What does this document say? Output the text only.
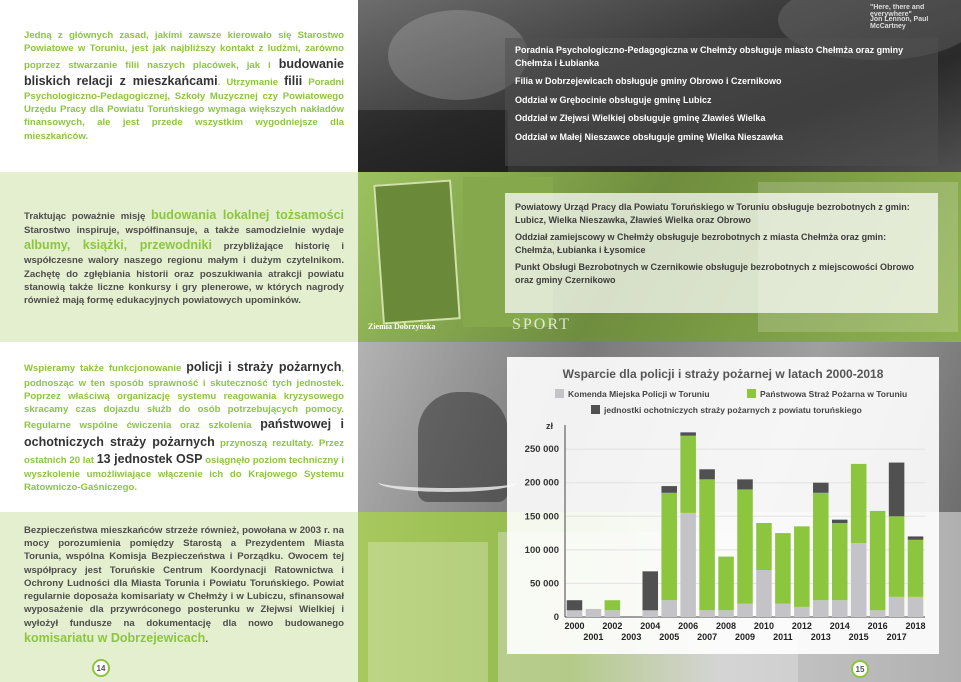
Jedną z głównych zasad, jakimi zawsze kierowało się Starostwo Powiatowe w Toruniu, jest jak najbliższy kontakt z ludźmi, zarówno poprzez stwarzanie filii naszych placówek, jak i budowanie bliskich relacji z mieszkańcami. Utrzymanie filii Poradni Psychologiczno-Pedagogicznej, Szkoły Muzycznej czy Powiatowego Urzędu Pracy dla Powiatu Toruńskiego wymaga większych nakładów finansowych, ale jest przede wszystkim wygodniejsze dla mieszkańców.

Traktując poważnie misję budowania lokalnej tożsamości Starostwo inspiruje, współfinansuje, a także samodzielnie wydaje albumy, książki, przewodniki przybliżające historię i współczesne walory naszego regionu małym i dużym czytelnikom. Zachętę do zgłębiania historii oraz poszukiwania atrakcji powiatu stanowią także liczne konkursy i gry plenerowe, w których nagrody również mają formę edukacyjnych powiatowych upominków.

Wspieramy także funkcjonowanie policji i straży pożarnych, podnosząc w ten sposób sprawność i skuteczność tych jednostek. Poprzez właściwą organizację systemu reagowania kryzysowego skracamy czas dojazdu służb do osób potrzebujących pomocy. Regularne wspólne ćwiczenia oraz szkolenia państwowej i ochotniczych straży pożarnych przynoszą rezultaty. Przez ostatnich 20 lat 13 jednostek OSP osiągnęło poziom techniczny i wyszkolenie umożliwiające włączenie ich do Krajowego Systemu Ratowniczo-Gaśniczego.

Bezpieczeństwa mieszkańców strzeże również, powołana w 2003 r. na mocy porozumienia pomiędzy Starostą a Prezydentem Miasta Torunia, wspólna Komisja Bezpieczeństwa i Porządku. Owocem tej współpracy jest Toruńskie Centrum Koordynacji Ratownictwa i Ochrony Ludności dla Miasta Torunia i Powiatu Toruńskiego. Powiat regularnie doposaża komisariaty w Chełmży i w Lubiczu, sfinansował wyposażenie dla przywróconego posterunku w Złejwsi Wielkiej i wyłożył fundusze na dokumentację dla nowo budowanego komisariatu w Dobrzejewicach.

"Here, there and everywhere"
Jon Lennon, Paul McCartney
Ziemia Dobrzyńska	SPORT
Poradnia Psychologiczno-Pedagogiczna w Chełmży obsługuje miasto Chełmża oraz gminy Chełmża i Łubianka
Filia w Dobrzejewicach obsługuje gminy Obrowo i Czernikowo
Oddział w Grębocinie obsługuje gminę Lubicz
Oddział w Złejwsi Wielkiej obsługuje gminę Zławieś Wielka
Oddział w Małej Nieszawce obsługuje gminę Wielka Nieszawka
Powiatowy Urząd Pracy dla Powiatu Toruńskiego w Toruniu obsługuje bezrobotnych z gmin: Lubicz, Wielka Nieszawka, Zławieś Wielka oraz Obrowo
Oddział zamiejscowy w Chełmży obsługuje bezrobotnych z miasta Chełmża oraz gmin: Chełmża, Łubianka i Łysomice
Punkt Obsługi Bezrobotnych w Czernikowie obsługuje bezrobotnych z miejscowości Obrowo oraz gminy Czernikowo
Wsparcie dla policji i straży pożarnej w latach 2000-2018
Komenda Miejska Policji w Toruniu	Państwowa Straż Pożarna w Toruniu
jednostki ochotniczych straży pożarnych z powiatu toruńskiego
zł
0
50 000
100 000
150 000
200 000
250 000
2000
2001
2002
2003
2004
2005
2006
2007
2008
2009
2010
2011
2012
2013
2014
2015
2016
2017
2018
14	15
